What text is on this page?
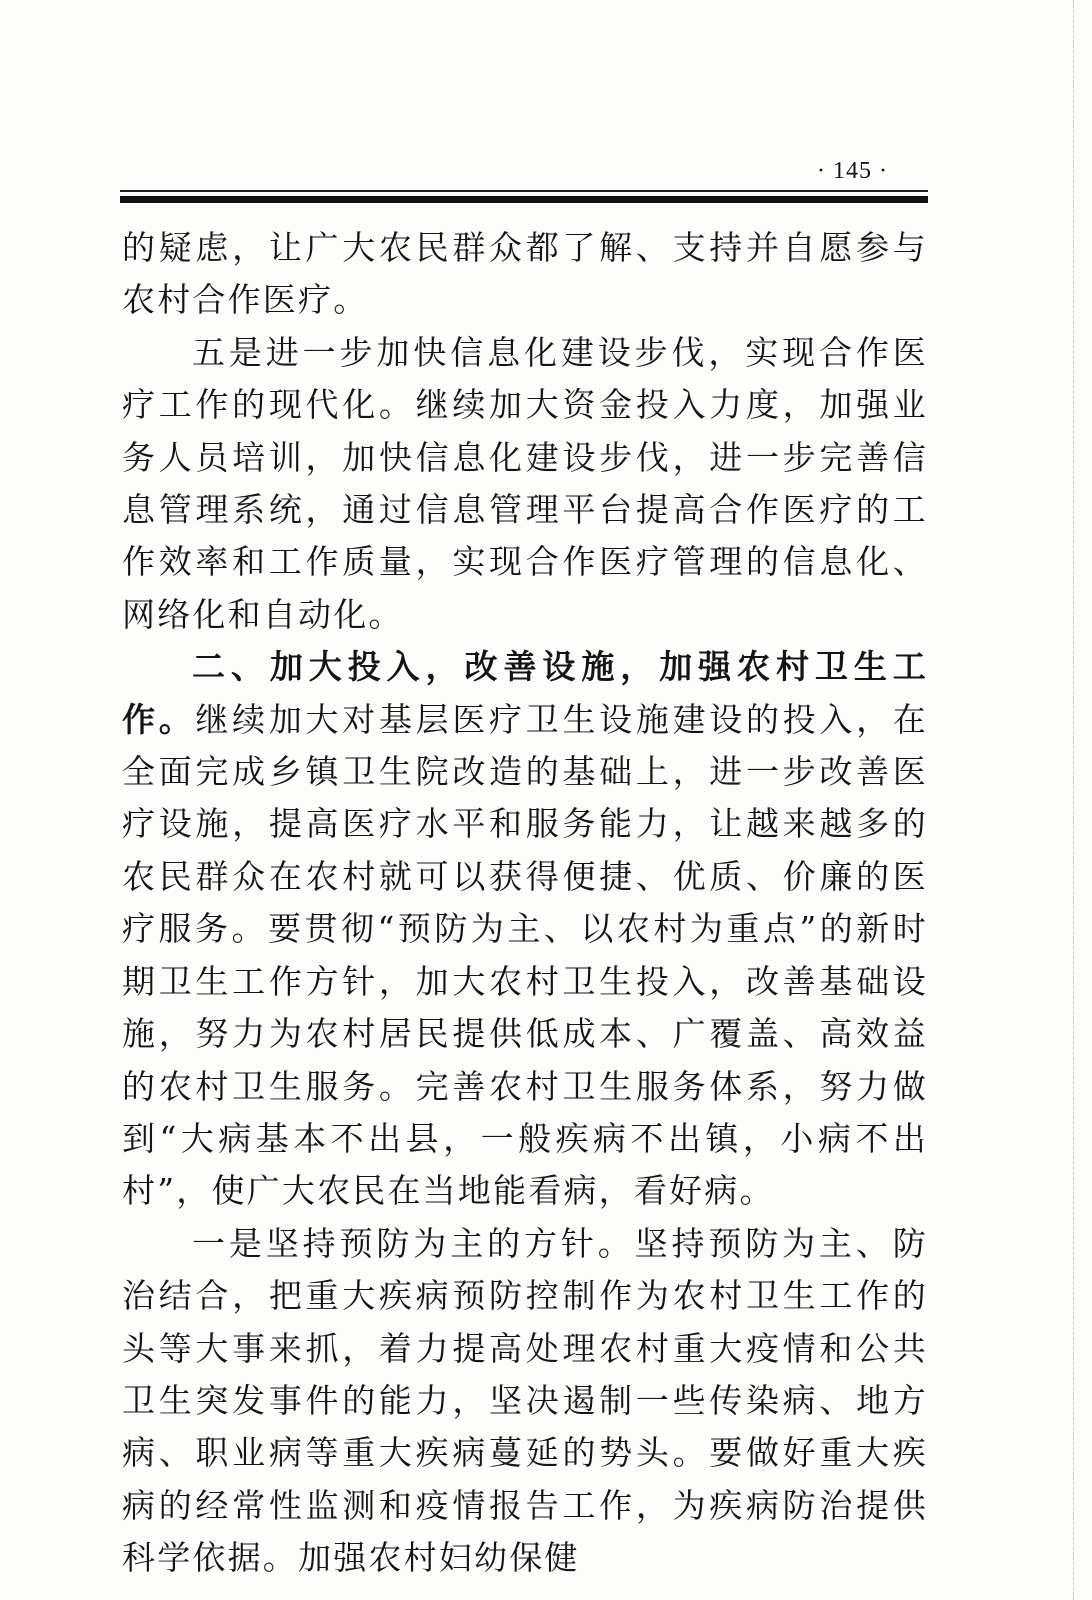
· 145 ·

的疑虑，让广大农民群众都了解、支持并自愿参与农村合作医疗。

五是进一步加快信息化建设步伐，实现合作医疗工作的现代化。继续加大资金投入力度，加强业务人员培训，加快信息化建设步伐，进一步完善信息管理系统，通过信息管理平台提高合作医疗的工作效率和工作质量，实现合作医疗管理的信息化、网络化和自动化。

二、加大投入，改善设施，加强农村卫生工作。继续加大对基层医疗卫生设施建设的投入，在全面完成乡镇卫生院改造的基础上，进一步改善医疗设施，提高医疗水平和服务能力，让越来越多的农民群众在农村就可以获得便捷、优质、价廉的医疗服务。要贯彻“预防为主、以农村为重点”的新时期卫生工作方针，加大农村卫生投入，改善基础设施，努力为农村居民提供低成本、广覆盖、高效益的农村卫生服务。完善农村卫生服务体系，努力做到“大病基本不出县，一般疾病不出镇，小病不出村”，使广大农民在当地能看病，看好病。

一是坚持预防为主的方针。坚持预防为主、防治结合，把重大疾病预防控制作为农村卫生工作的头等大事来抓，着力提高处理农村重大疫情和公共卫生突发事件的能力，坚决遏制一些传染病、地方病、职业病等重大疾病蔓延的势头。要做好重大疾病的经常性监测和疫情报告工作，为疾病防治提供科学依据。加强农村妇幼保健
